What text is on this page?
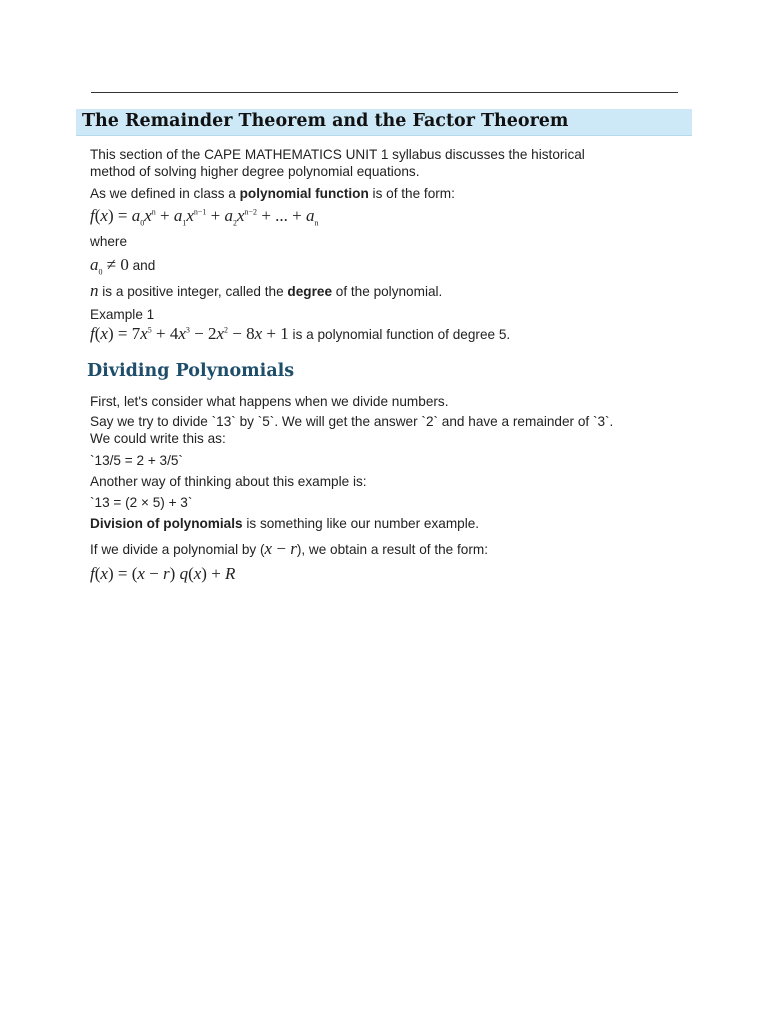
The Remainder Theorem and the Factor Theorem
This section of the CAPE MATHEMATICS UNIT 1 syllabus discusses the historical
method of solving higher degree polynomial equations.
As we defined in class a polynomial function is of the form:
$f(x) = a_0x^n + a_1x^{n-1} + a_2x^{n-2}$ + ... + $a_n$
where
$a_0 \ne 0$ and
n is a positive integer, called the degree of the polynomial.
Example 1
$f(x) = 7x^5 + 4x^3 - 2x^2 - 8x + 1$ is a polynomial function of degree 5.
First, let's consider what happens when we divide numbers.
Say we try to divide `13` by `5`. We will get the answer `2` and have a remainder of `3`.
We could write this as:
`13/5 = 2 + 3/5`
Another way of thinking about this example is:
`13 = (2 × 5) + 3`
Division of polynomials is something like our number example.
If we divide a polynomial by (x − r), we obtain a result of the form:
f(x) = (x − r) q(x) + R
Dividing Polynomials
